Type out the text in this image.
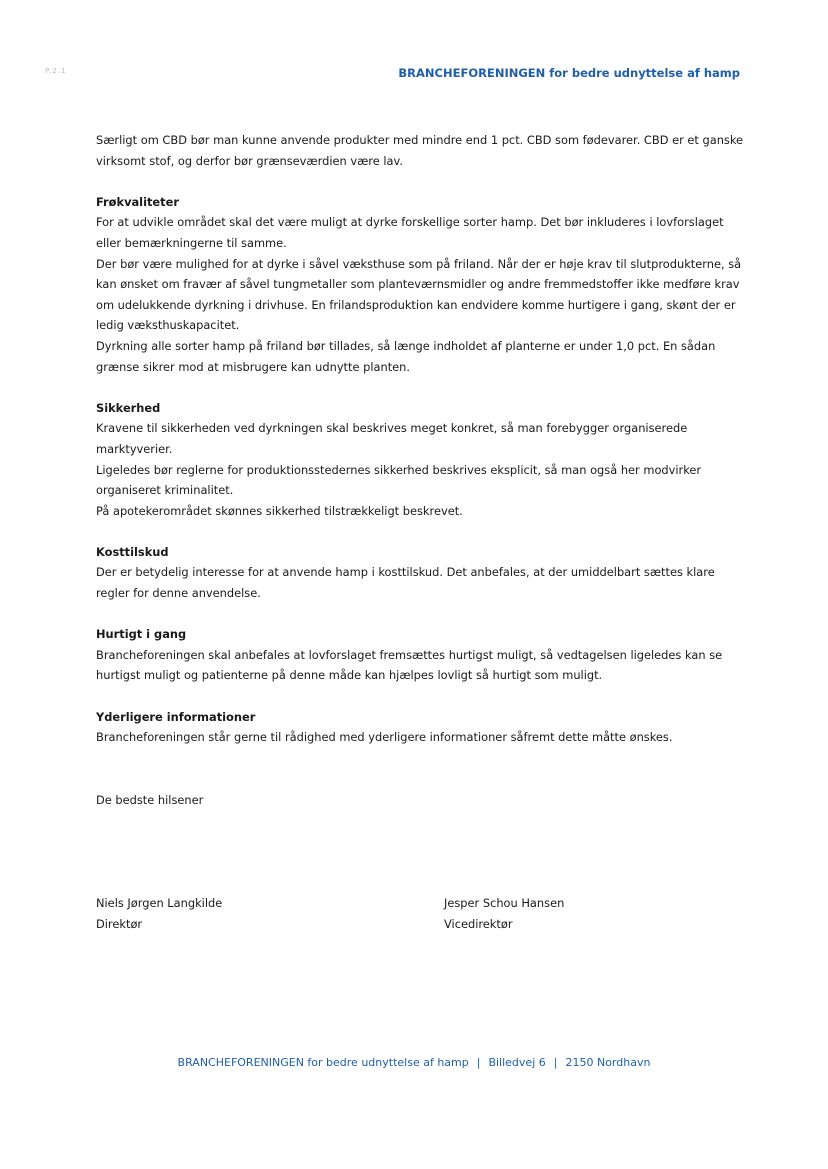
P.2.1	BRANCHEFORENINGEN for bedre udnyttelse af hamp

Særligt om CBD bør man kunne anvende produkter med mindre end 1 pct. CBD som fødevarer. CBD er et ganske virksomt stof, og derfor bør grænseværdien være lav.

Frøkvaliteter

For at udvikle området skal det være muligt at dyrke forskellige sorter hamp. Det bør inkluderes i lovforslaget eller bemærkningerne til samme.

Der bør være mulighed for at dyrke i såvel væksthuse som på friland. Når der er høje krav til slutprodukterne, så kan ønsket om fravær af såvel tungmetaller som planteværnsmidler og andre fremmedstoffer ikke medføre krav om udelukkende dyrkning i drivhuse. En frilandsproduktion kan endvidere komme hurtigere i gang, skønt der er ledig væksthuskapacitet.

Dyrkning alle sorter hamp på friland bør tillades, så længe indholdet af planterne er under 1,0 pct. En sådan grænse sikrer mod at misbrugere kan udnytte planten.

Sikkerhed

Kravene til sikkerheden ved dyrkningen skal beskrives meget konkret, så man forebygger organiserede marktyverier.

Ligeledes bør reglerne for produktionsstedernes sikkerhed beskrives eksplicit, så man også her modvirker organiseret kriminalitet.

På apotekerområdet skønnes sikkerhed tilstrækkeligt beskrevet.

Kosttilskud

Der er betydelig interesse for at anvende hamp i kosttilskud. Det anbefales, at der umiddelbart sættes klare regler for denne anvendelse.

Hurtigt i gang

Brancheforeningen skal anbefales at lovforslaget fremsættes hurtigst muligt, så vedtagelsen ligeledes kan se hurtigst muligt og patienterne på denne måde kan hjælpes lovligt så hurtigt som muligt.

Yderligere informationer

Brancheforeningen står gerne til rådighed med yderligere informationer såfremt dette måtte ønskes.

De bedste hilsener
Niels Jørgen Langkilde
Direktør
Jesper Schou Hansen
Vicedirektør
BRANCHEFORENINGEN for bedre udnyttelse af hamp | Billedvej 6 | 2150 Nordhavn
